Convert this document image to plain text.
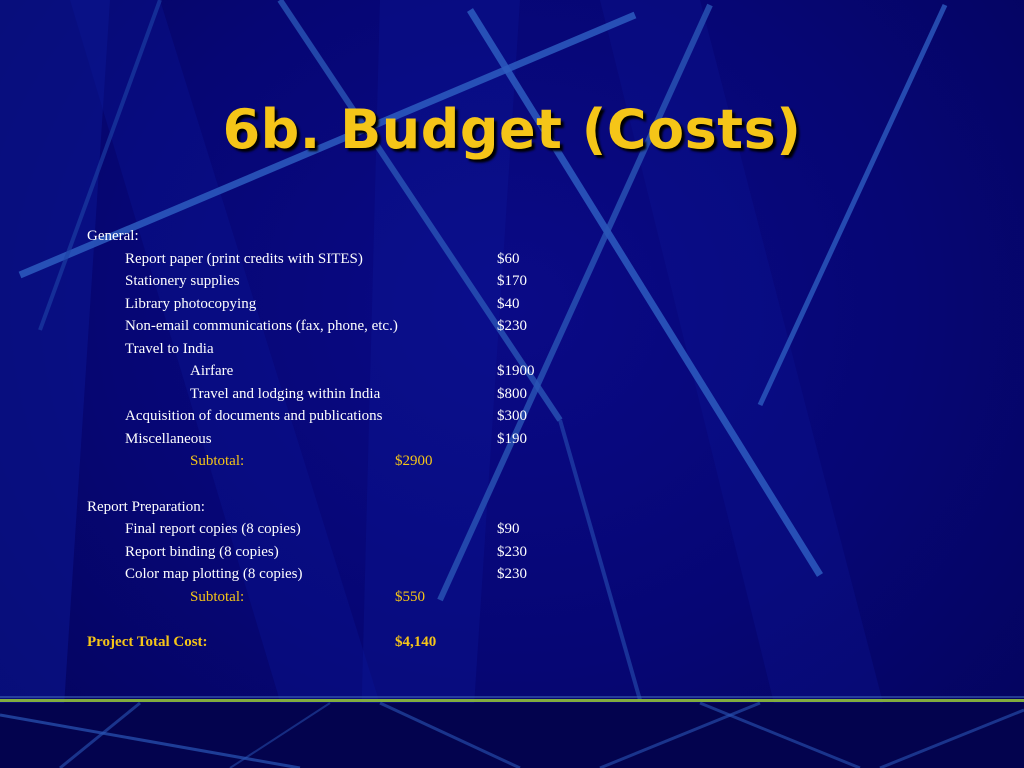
6b. Budget (Costs)
General:
Report paper (print credits with SITES)	$60
Stationery supplies	$170
Library photocopying	$40
Non-email communications (fax, phone, etc.)	$230
Travel to India
Airfare	$1900
Travel and lodging within India	$800
Acquisition of documents and publications	$300
Miscellaneous	$190
Subtotal:	$2900
Report Preparation:
Final report copies (8 copies)	$90
Report binding (8 copies)	$230
Color map plotting (8 copies)	$230
Subtotal:	$550
Project Total Cost:	$4,140
